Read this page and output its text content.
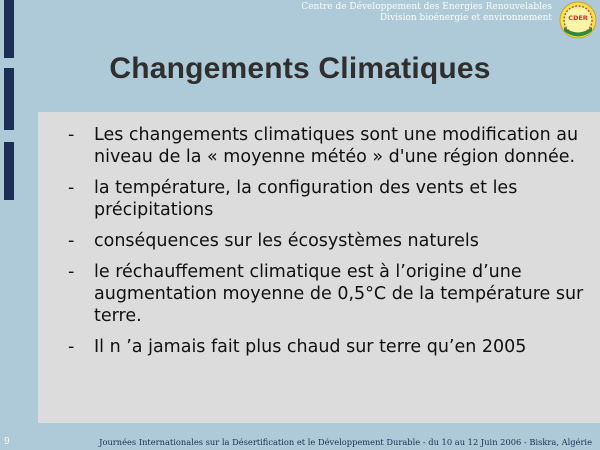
Centre de Développement des Energies Renouvelables
Division bioénergie et environnement CDER
Changements Climatiques
- Les changements climatiques sont une modification au niveau de la « moyenne météo » d'une région donnée.
- la température, la configuration des vents et les précipitations
- conséquences sur les écosystèmes naturels
- le réchauffement climatique est à l’origine d’une augmentation moyenne de 0,5°C de la température sur terre.
- Il n ’a jamais fait plus chaud sur terre qu’en 2005
9	Journées Internationales sur la Désertification et le Développement Durable - du 10 au 12 Juin 2006 - Biskra, Algérie
